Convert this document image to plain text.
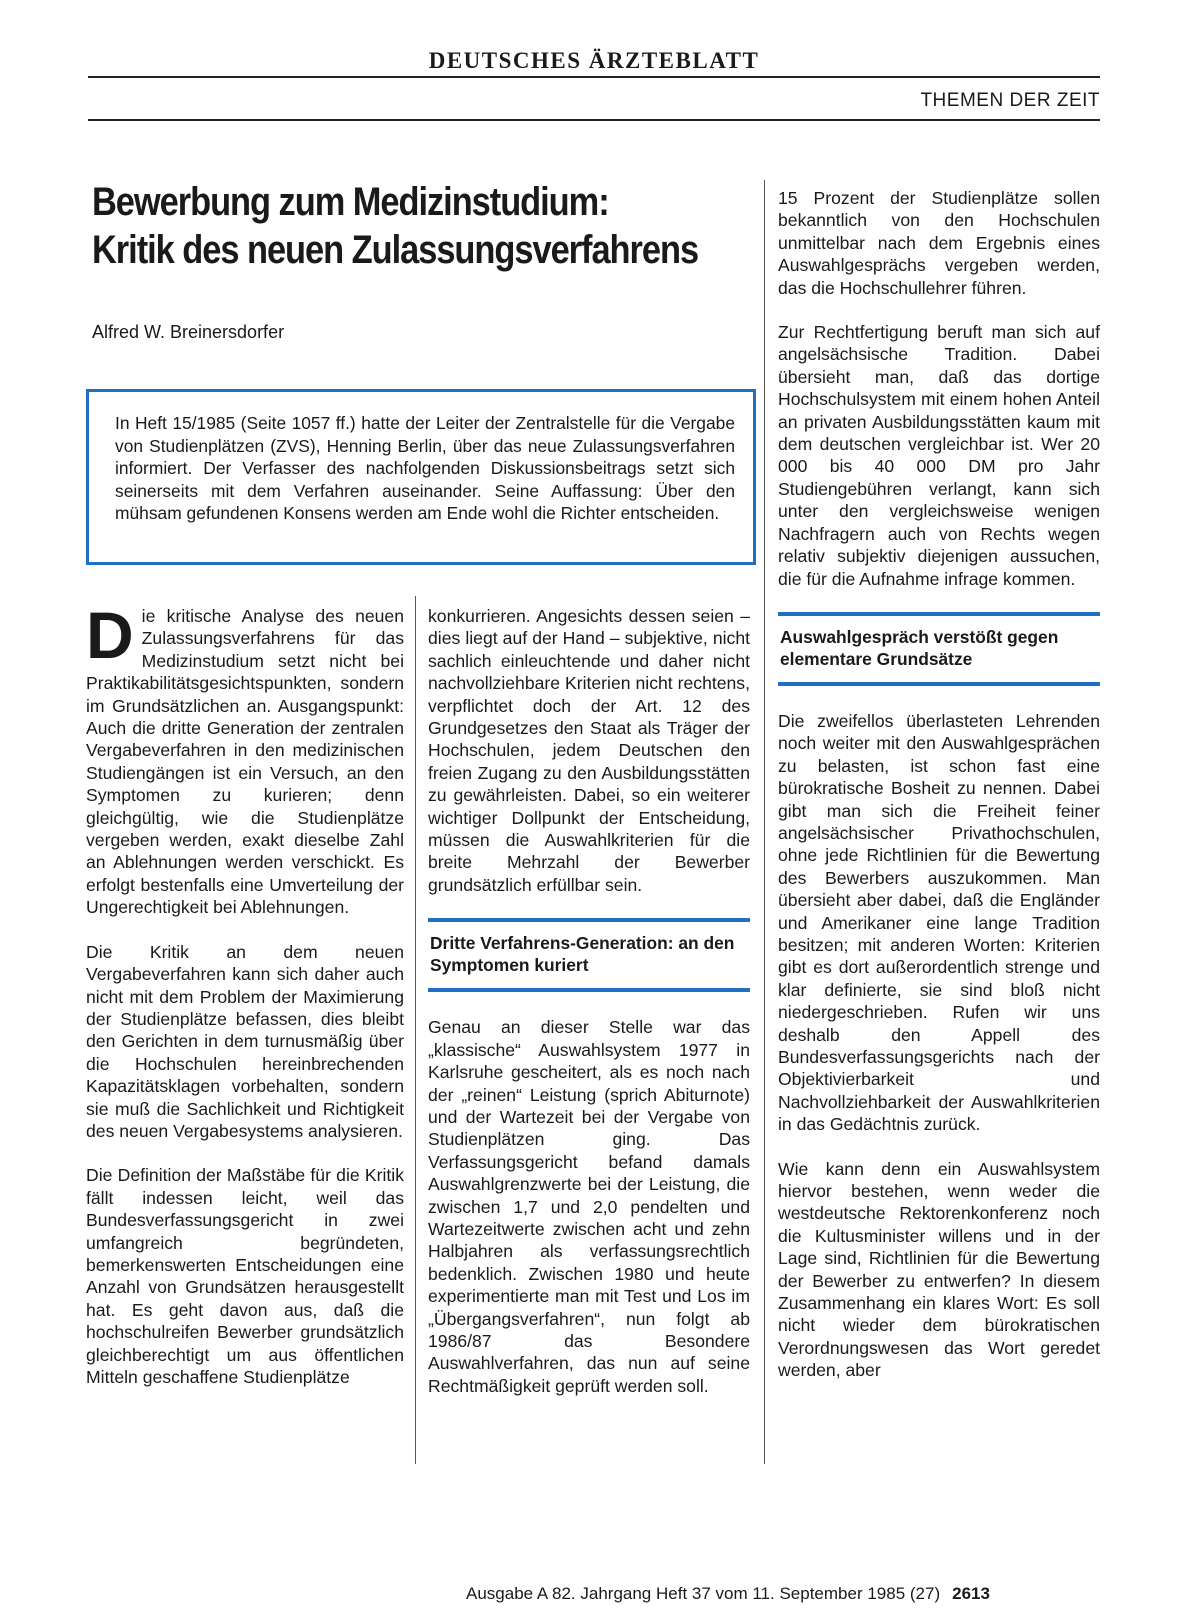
DEUTSCHES ÄRZTEBLATT
THEMEN DER ZEIT
Bewerbung zum Medizinstudium:
Kritik des neuen Zulassungsverfahrens
Alfred W. Breinersdorfer
In Heft 15/1985 (Seite 1057 ff.) hatte der Leiter der Zentralstelle für die Vergabe von Studienplätzen (ZVS), Henning Berlin, über das neue Zulassungsverfahren informiert. Der Verfasser des nachfolgenden Diskussionsbeitrags setzt sich seinerseits mit dem Verfahren auseinander. Seine Auffassung: Über den mühsam gefundenen Konsens werden am Ende wohl die Richter entscheiden.

Die kritische Analyse des neuen Zulassungsverfahrens für das Medizinstudium setzt nicht bei Praktikabilitätsgesichtspunkten, sondern im Grundsätzlichen an. Ausgangspunkt: Auch die dritte Generation der zentralen Vergabeverfahren in den medizinischen Studiengängen ist ein Versuch, an den Symptomen zu kurieren; denn gleichgültig, wie die Studienplätze vergeben werden, exakt dieselbe Zahl an Ablehnungen werden verschickt. Es erfolgt bestenfalls eine Umverteilung der Ungerechtigkeit bei Ablehnungen.

Die Kritik an dem neuen Vergabeverfahren kann sich daher auch nicht mit dem Problem der Maximierung der Studienplätze befassen, dies bleibt den Gerichten in dem turnusmäßig über die Hochschulen hereinbrechenden Kapazitätsklagen vorbehalten, sondern sie muß die Sachlichkeit und Richtigkeit des neuen Vergabesystems analysieren.

Die Definition der Maßstäbe für die Kritik fällt indessen leicht, weil das Bundesverfassungsgericht in zwei umfangreich begründeten, bemerkenswerten Entscheidungen eine Anzahl von Grundsätzen herausgestellt hat. Es geht davon aus, daß die hochschulreifen Bewerber grundsätzlich gleichberechtigt um aus öffentlichen Mitteln geschaffene Studienplätze

konkurrieren. Angesichts dessen seien – dies liegt auf der Hand – subjektive, nicht sachlich einleuchtende und daher nicht nachvollziehbare Kriterien nicht rechtens, verpflichtet doch der Art. 12 des Grundgesetzes den Staat als Träger der Hochschulen, jedem Deutschen den freien Zugang zu den Ausbildungsstätten zu gewährleisten. Dabei, so ein weiterer wichtiger Dollpunkt der Entscheidung, müssen die Auswahlkriterien für die breite Mehrzahl der Bewerber grundsätzlich erfüllbar sein.

Dritte Verfahrens-Generation: an den Symptomen kuriert

Genau an dieser Stelle war das „klassische“ Auswahlsystem 1977 in Karlsruhe gescheitert, als es noch nach der „reinen“ Leistung (sprich Abiturnote) und der Wartezeit bei der Vergabe von Studienplätzen ging. Das Verfassungsgericht befand damals Auswahlgrenzwerte bei der Leistung, die zwischen 1,7 und 2,0 pendelten und Wartezeitwerte zwischen acht und zehn Halbjahren als verfassungsrechtlich bedenklich. Zwischen 1980 und heute experimentierte man mit Test und Los im „Übergangsverfahren“, nun folgt ab 1986/87 das Besondere Auswahlverfahren, das nun auf seine Rechtmäßigkeit geprüft werden soll.

15 Prozent der Studienplätze sollen bekanntlich von den Hochschulen unmittelbar nach dem Ergebnis eines Auswahlgesprächs vergeben werden, das die Hochschullehrer führen.

Zur Rechtfertigung beruft man sich auf angelsächsische Tradition. Dabei übersieht man, daß das dortige Hochschulsystem mit einem hohen Anteil an privaten Ausbildungsstätten kaum mit dem deutschen vergleichbar ist. Wer 20 000 bis 40 000 DM pro Jahr Studiengebühren verlangt, kann sich unter den vergleichsweise wenigen Nachfragern auch von Rechts wegen relativ subjektiv diejenigen aussuchen, die für die Aufnahme infrage kommen.

Auswahlgespräch verstößt gegen elementare Grundsätze

Die zweifellos überlasteten Lehrenden noch weiter mit den Auswahlgesprächen zu belasten, ist schon fast eine bürokratische Bosheit zu nennen. Dabei gibt man sich die Freiheit feiner angelsächsischer Privathochschulen, ohne jede Richtlinien für die Bewertung des Bewerbers auszukommen. Man übersieht aber dabei, daß die Engländer und Amerikaner eine lange Tradition besitzen; mit anderen Worten: Kriterien gibt es dort außerordentlich strenge und klar definierte, sie sind bloß nicht niedergeschrieben. Rufen wir uns deshalb den Appell des Bundesverfassungsgerichts nach der Objektivierbarkeit und Nachvollziehbarkeit der Auswahlkriterien in das Gedächtnis zurück.

Wie kann denn ein Auswahlsystem hiervor bestehen, wenn weder die westdeutsche Rektorenkonferenz noch die Kultusminister willens und in der Lage sind, Richtlinien für die Bewertung der Bewerber zu entwerfen? In diesem Zusammenhang ein klares Wort: Es soll nicht wieder dem bürokratischen Verordnungswesen das Wort geredet werden, aber

Ausgabe A 82. Jahrgang Heft 37 vom 11. September 1985 (27) 2613
